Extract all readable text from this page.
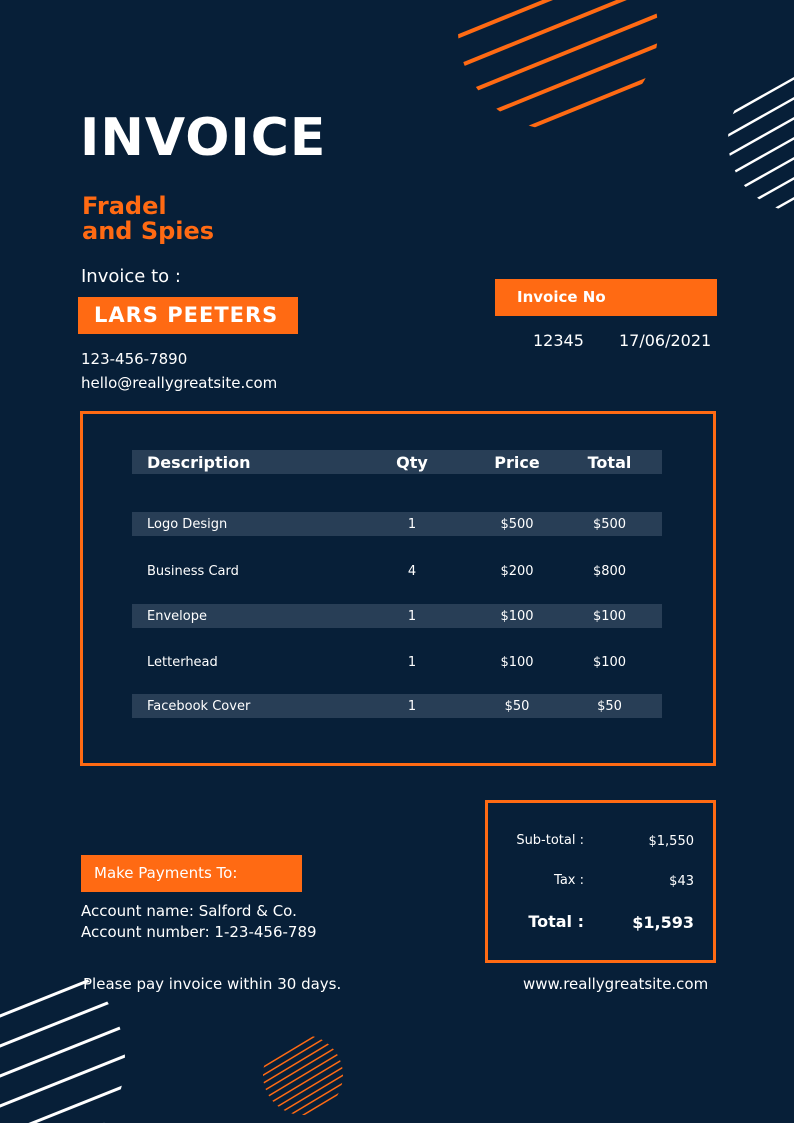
INVOICE
Fradel
and Spies
Invoice to :
LARS PEETERS
123-456-7890
hello@reallygreatsite.com
Invoice No
12345 17/06/2021
Description	Qty	Price	Total
Logo Design	1	$500	$500
Business Card	4	$200	$800
Envelope	1	$100	$100
Letterhead	1	$100	$100
Facebook Cover	1	$50	$50
Sub-total :	$1,550
Tax :	$43
Total :	$1,593
Make Payments To:
Account name: Salford & Co.
Account number: 1-23-456-789
Please pay invoice within 30 days.	www.reallygreatsite.com
